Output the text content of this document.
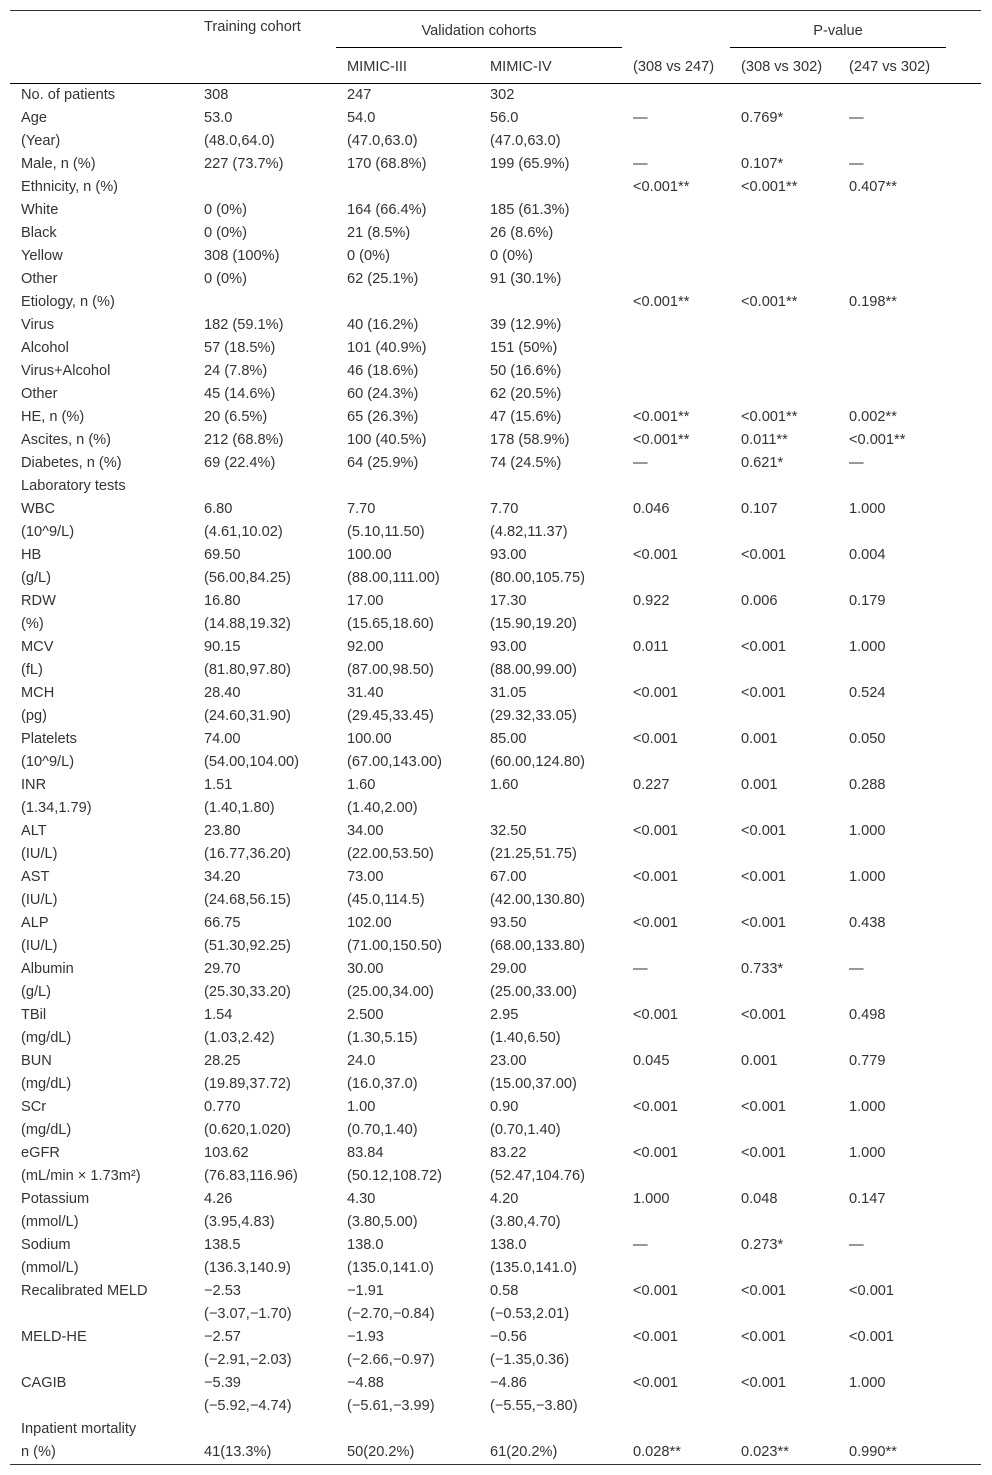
	Training cohort	Validation cohorts			P-value		

		MIMIC-III	MIMIC-IV	(308 vs 247)	(308 vs 302)	(247 vs 302)	
No. of patients	308	247	302				
Age	53.0	54.0	56.0	—	0.769*	—	
(Year)	(48.0,64.0)	(47.0,63.0)	(47.0,63.0)				
Male, n (%)	227 (73.7%)	170 (68.8%)	199 (65.9%)	—	0.107*	—	
Ethnicity, n (%)				<0.001**	<0.001**	0.407**	
White	0 (0%)	164 (66.4%)	185 (61.3%)				
Black	0 (0%)	21 (8.5%)	26 (8.6%)				
Yellow	308 (100%)	0 (0%)	0 (0%)				
Other	0 (0%)	62 (25.1%)	91 (30.1%)				
Etiology, n (%)				<0.001**	<0.001**	0.198**	
Virus	182 (59.1%)	40 (16.2%)	39 (12.9%)				
Alcohol	57 (18.5%)	101 (40.9%)	151 (50%)				
Virus+Alcohol	24 (7.8%)	46 (18.6%)	50 (16.6%)				
Other	45 (14.6%)	60 (24.3%)	62 (20.5%)				
HE, n (%)	20 (6.5%)	65 (26.3%)	47 (15.6%)	<0.001**	<0.001**	0.002**	
Ascites, n (%)	212 (68.8%)	100 (40.5%)	178 (58.9%)	<0.001**	0.011**	<0.001**	
Diabetes, n (%)	69 (22.4%)	64 (25.9%)	74 (24.5%)	—	0.621*	—	
Laboratory tests							
WBC	6.80	7.70	7.70	0.046	0.107	1.000	
(10^9/L)	(4.61,10.02)	(5.10,11.50)	(4.82,11.37)				
HB	69.50	100.00	93.00	<0.001	<0.001	0.004	
(g/L)	(56.00,84.25)	(88.00,111.00)	(80.00,105.75)				
RDW	16.80	17.00	17.30	0.922	0.006	0.179	
(%)	(14.88,19.32)	(15.65,18.60)	(15.90,19.20)				
MCV	90.15	92.00	93.00	0.011	<0.001	1.000	
(fL)	(81.80,97.80)	(87.00,98.50)	(88.00,99.00)				
MCH	28.40	31.40	31.05	<0.001	<0.001	0.524	
(pg)	(24.60,31.90)	(29.45,33.45)	(29.32,33.05)				
Platelets	74.00	100.00	85.00	<0.001	0.001	0.050	
(10^9/L)	(54.00,104.00)	(67.00,143.00)	(60.00,124.80)				
INR	1.51	1.60	1.60	0.227	0.001	0.288	
(1.34,1.79)	(1.40,1.80)	(1.40,2.00)					
ALT	23.80	34.00	32.50	<0.001	<0.001	1.000	
(IU/L)	(16.77,36.20)	(22.00,53.50)	(21.25,51.75)				
AST	34.20	73.00	67.00	<0.001	<0.001	1.000	
(IU/L)	(24.68,56.15)	(45.0,114.5)	(42.00,130.80)				
ALP	66.75	102.00	93.50	<0.001	<0.001	0.438	
(IU/L)	(51.30,92.25)	(71.00,150.50)	(68.00,133.80)				
Albumin	29.70	30.00	29.00	—	0.733*	—	
(g/L)	(25.30,33.20)	(25.00,34.00)	(25.00,33.00)				
TBil	1.54	2.500	2.95	<0.001	<0.001	0.498	
(mg/dL)	(1.03,2.42)	(1.30,5.15)	(1.40,6.50)				
BUN	28.25	24.0	23.00	0.045	0.001	0.779	
(mg/dL)	(19.89,37.72)	(16.0,37.0)	(15.00,37.00)				
SCr	0.770	1.00	0.90	<0.001	<0.001	1.000	
(mg/dL)	(0.620,1.020)	(0.70,1.40)	(0.70,1.40)				
eGFR	103.62	83.84	83.22	<0.001	<0.001	1.000	
(mL/min × 1.73m²)	(76.83,116.96)	(50.12,108.72)	(52.47,104.76)				
Potassium	4.26	4.30	4.20	1.000	0.048	0.147	
(mmol/L)	(3.95,4.83)	(3.80,5.00)	(3.80,4.70)				
Sodium	138.5	138.0	138.0	—	0.273*	—	
(mmol/L)	(136.3,140.9)	(135.0,141.0)	(135.0,141.0)				
Recalibrated MELD	−2.53	−1.91	0.58	<0.001	<0.001	<0.001	
	(−3.07,−1.70)	(−2.70,−0.84)	(−0.53,2.01)				
MELD-HE	−2.57	−1.93	−0.56	<0.001	<0.001	<0.001	
	(−2.91,−2.03)	(−2.66,−0.97)	(−1.35,0.36)				
CAGIB	−5.39	−4.88	−4.86	<0.001	<0.001	1.000	
	(−5.92,−4.74)	(−5.61,−3.99)	(−5.55,−3.80)				
Inpatient mortality							
n (%)	41(13.3%)	50(20.2%)	61(20.2%)	0.028**	0.023**	0.990**	
